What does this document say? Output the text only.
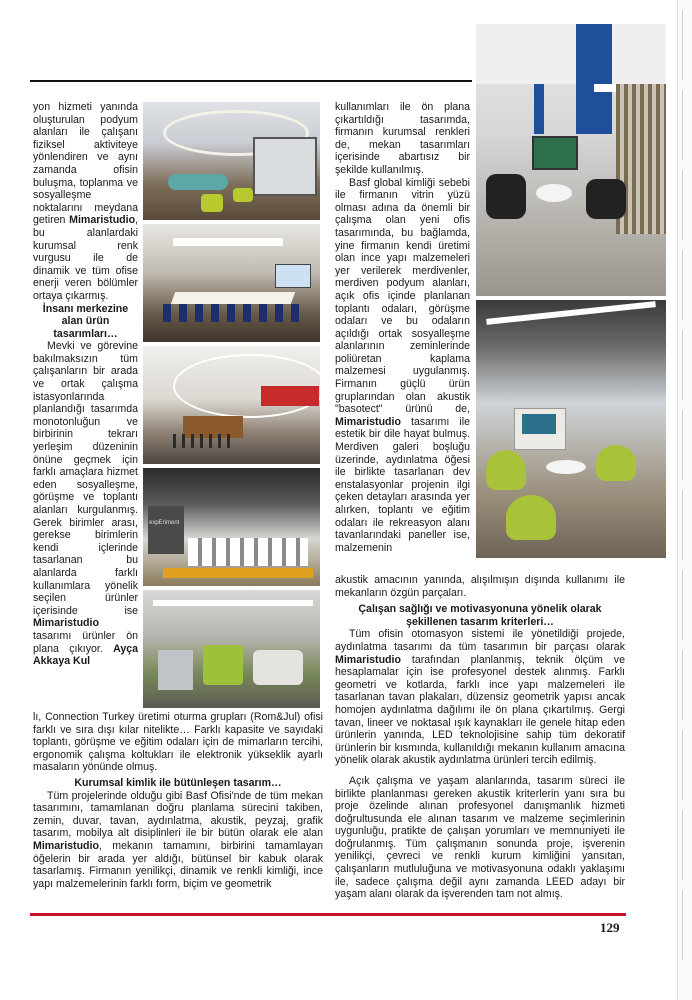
yon hizmeti yanında oluşturulan podyum alanları ile çalışanı fiziksel aktiviteye yönlendiren ve aynı zamanda ofisin buluşma, toplanma ve sosyalleşme noktalarını meydana getiren Mimaristudio, bu alanlardaki kurumsal renk vurgusu ile de dinamik ve tüm ofise enerji veren bölümler ortaya çıkarmış.

İnsanı merkezine alan ürün tasarımları…

Mevki ve görevine bakılmaksızın tüm çalışanların bir arada ve ortak çalışma istasyonlarında planlandığı tasarımda monotonluğun ve birbirinin tekrarı yerleşim düzeninin önüne geçmek için farklı amaçlara hizmet eden sosyalleşme, görüşme ve toplantı alanları kurgulanmış. Gerek birimler arası, gerekse birimlerin kendi içlerinde tasarlanan bu alanlarda farklı kullanımlara yönelik seçilen ürünler içerisinde ise Mimaristudio tasarımı ürünler ön plana çıkıyor. Ayça Akkaya Kul

lı, Connection Turkey üretimi oturma grupları (Rom&Jul) ofisi farklı ve sıra dışı kılar nitelikte… Farklı kapasite ve sayıdaki toplantı, görüşme ve eğitim odaları için de mimarların tercihi, ergonomik çalışma koltukları ile elektronik yükseklik ayarlı masaların yönünde olmuş.

Kurumsal kimlik ile bütünleşen tasarım…

Tüm projelerinde olduğu gibi Basf Ofisi'nde de tüm mekan tasarımını, tamamlanan doğru planlama sürecini takiben, zemin, duvar, tavan, aydınlatma, akustik, peyzaj, grafik tasarım, mobilya alt disiplinleri ile bir bütün olarak ele alan Mimaristudio, mekanın tamamını, birbirini tamamlayan öğelerin bir arada yer aldığı, bütünsel bir kabuk olarak tasarlamış. Firmanın yenilikçi, dinamik ve renkli kimliği, ince yapı malzemelerinin farklı form, biçim ve geometrik

kullanımları ile ön plana çıkartıldığı tasarımda, firmanın kurumsal renkleri de, mekan tasarımları içerisinde abartısız bir şekilde kullanılmış.

Basf global kimliği sebebi ile firmanın vitrin yüzü olması adına da önemli bir çalışma olan yeni ofis tasarımında, bu bağlamda, yine firmanın kendi üretimi olan ince yapı malzemeleri yer verilerek merdivenler, merdiven podyum alanları, açık ofis içinde planlanan toplantı odaları, görüşme odaları ve bu odaların açıldığı ortak sosyalleşme alanlarının zeminlerinde poliüretan kaplama malzemesi uygulanmış. Firmanın güçlü ürün gruplarından olan akustik "basotect" ürünü de, Mimaristudio tasarımı ile estetik bir dile hayat bulmuş. Merdiven galeri boşluğu üzerinde, aydınlatma öğesi ile birlikte tasarlanan dev enstalasyonlar projenin ilgi çeken detayları arasında yer alırken, toplantı ve eğitim odaları ile rekreasyon alanı tavanlarındaki paneller ise, malzemenin

akustik amacının yanında, alışılmışın dışında kullanımı ile mekanların özgün parçaları.

Çalışan sağlığı ve motivasyonuna yönelik olarak şekillenen tasarım kriterleri…

Tüm ofisin otomasyon sistemi ile yönetildiği projede, aydınlatma tasarımı da tüm tasarımın bir parçası olarak Mimaristudio tarafından planlanmış, teknik ölçüm ve hesaplamalar için ise profesyonel destek alınmış. Farklı geometri ve kotlarda, farklı ince yapı malzemeleri ile tasarlanan tavan plakaları, düzensiz geometrik yapısı ancak homojen aydınlatma dağılımı ile ön plana çıkartılmış. Gergi tavan, lineer ve noktasal ışık kaynakları ile genele hitap eden ürünlerin yanında, LED teknolojisine sahip tüm dekoratif ürünlerin bir kısmında, kullanıldığı mekanın kullanım amacına yönelik olarak akustik aydınlatma ürünleri tercih edilmiş.

Açık çalışma ve yaşam alanlarında, tasarım süreci ile birlikte planlanması gereken akustik kriterlerin yanı sıra bu proje özelinde alınan profesyonel danışmanlık hizmeti doğrultusunda ele alınan tasarım ve malzeme seçimlerinin uygunluğu, pratikte de çalışan yorumları ve memnuniyeti ile doğrulanmış. Tüm çalışmanın sonunda proje, işverenin yenilikçi, çevreci ve renkli kurum kimliğini yansıtan, çalışanların mutluluğuna ve motivasyonuna odaklı yaklaşımı ile, sadece çalışma değil aynı zamanda LEED adayı bir yaşam alanı olarak da işverenden tam not almış.

expEriment
129
